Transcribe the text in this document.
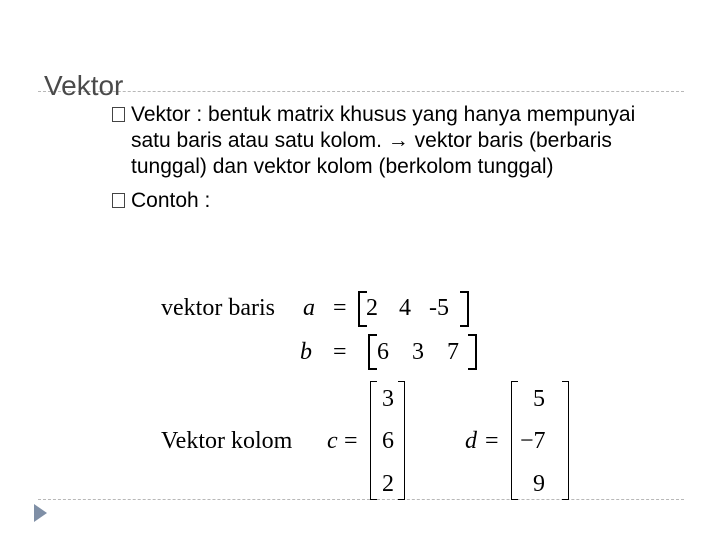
Vektor
Vektor : bentuk matrix khusus yang hanya mempunyai satu baris atau satu kolom. → vektor baris (berbaris tunggal) dan vektor kolom (berkolom tunggal)
Contoh :
vektor baris a = 2 4 -5
b = 6 3 7
Vektor kolom c =
3
6
2
d =
5
−7
9
